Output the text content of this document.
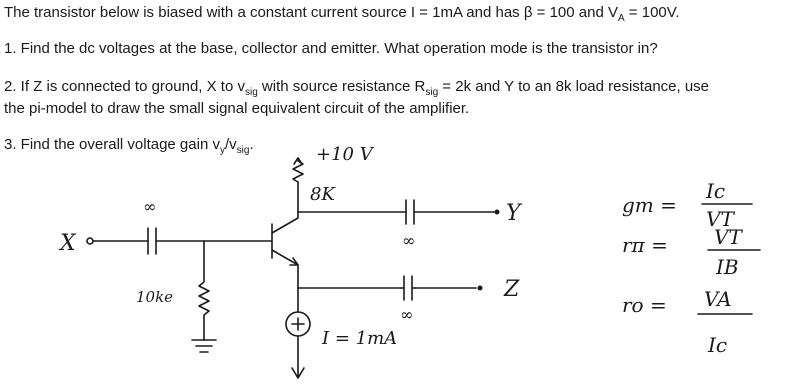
The transistor below is biased with a constant current source I = 1mA and has β = 100 and $V_A = 100V$.

1. Find the dc voltages at the base, collector and emitter. What operation mode is the transistor in?

2. If Z is connected to ground, X to $v_{sig}$ with source resistance $R_{sig} = 2k$ and Y to an 8k load resistance, use

the pi-model to draw the small signal equivalent circuit of the amplifier.

3. Find the overall voltage gain $v_y/v_{sig}$.

X
∞
10ke
+10 V
8K
∞
Y
∞
Z
I = 1mA
gm =
Ic
VT
rπ = VT
IB
ro = VA
Ic
